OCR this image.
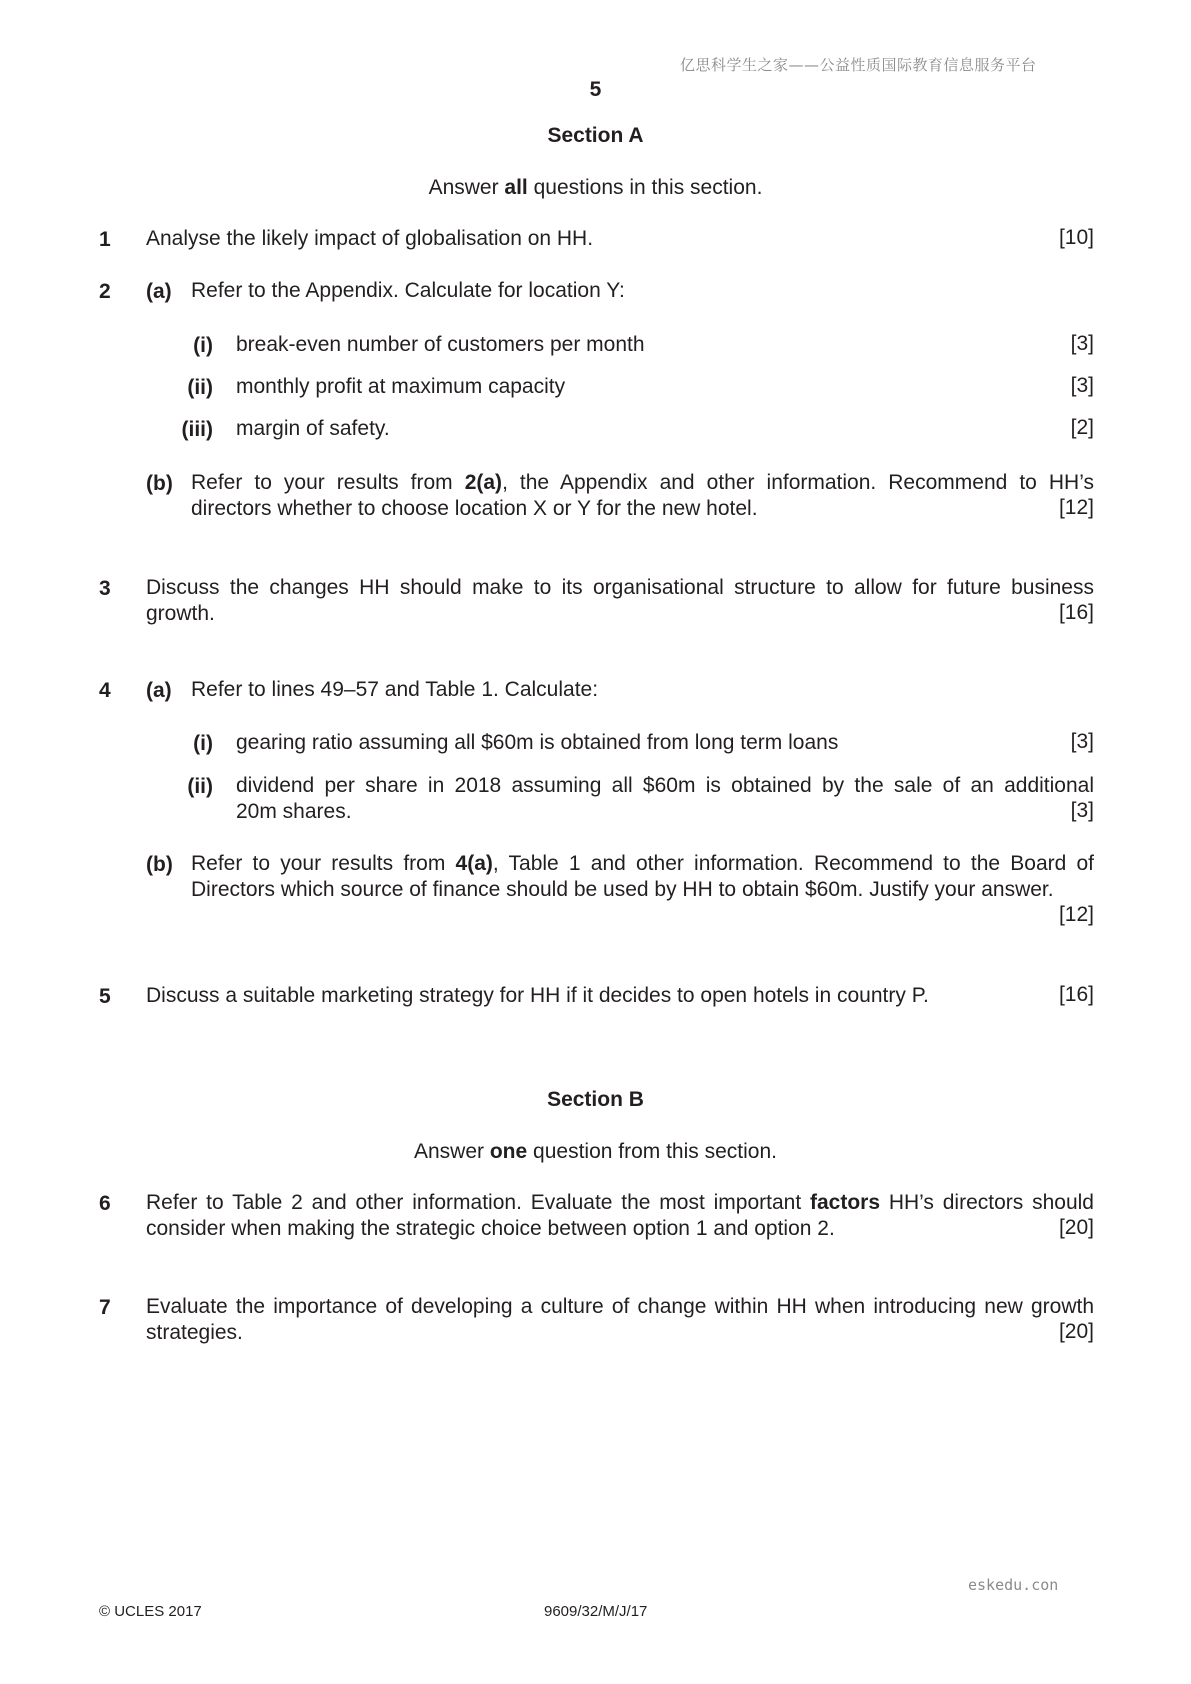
亿思科学生之家——公益性质国际教育信息服务平台
eskedu.con
5
Section A
Answer all questions in this section.
1 Analyse the likely impact of globalisation on HH.	[10]
2 (a) Refer to the Appendix. Calculate for location Y:
(i) break-even number of customers per month	[3]
(ii) monthly profit at maximum capacity	[3]
(iii) margin of safety.	[2]
(b) Refer to your results from 2(a), the Appendix and other information. Recommend to HH’s
directors whether to choose location X or Y for the new hotel.	[12]
3 Discuss the changes HH should make to its organisational structure to allow for future business
growth.	[16]
4 (a) Refer to lines 49–57 and Table 1. Calculate:
(i) gearing ratio assuming all $60m is obtained from long term loans	[3]
(ii) dividend per share in 2018 assuming all $60m is obtained by the sale of an additional
20m shares.	[3]
(b) Refer to your results from 4(a), Table 1 and other information. Recommend to the Board of
Directors which source of finance should be used by HH to obtain $60m. Justify your answer.
[12]
5 Discuss a suitable marketing strategy for HH if it decides to open hotels in country P.	[16]
Section B
Answer one question from this section.
6 Refer to Table 2 and other information. Evaluate the most important factors HH’s directors should
consider when making the strategic choice between option 1 and option 2.	[20]
7 Evaluate the importance of developing a culture of change within HH when introducing new growth
strategies.	[20]
© UCLES 2017	9609/32/M/J/17
